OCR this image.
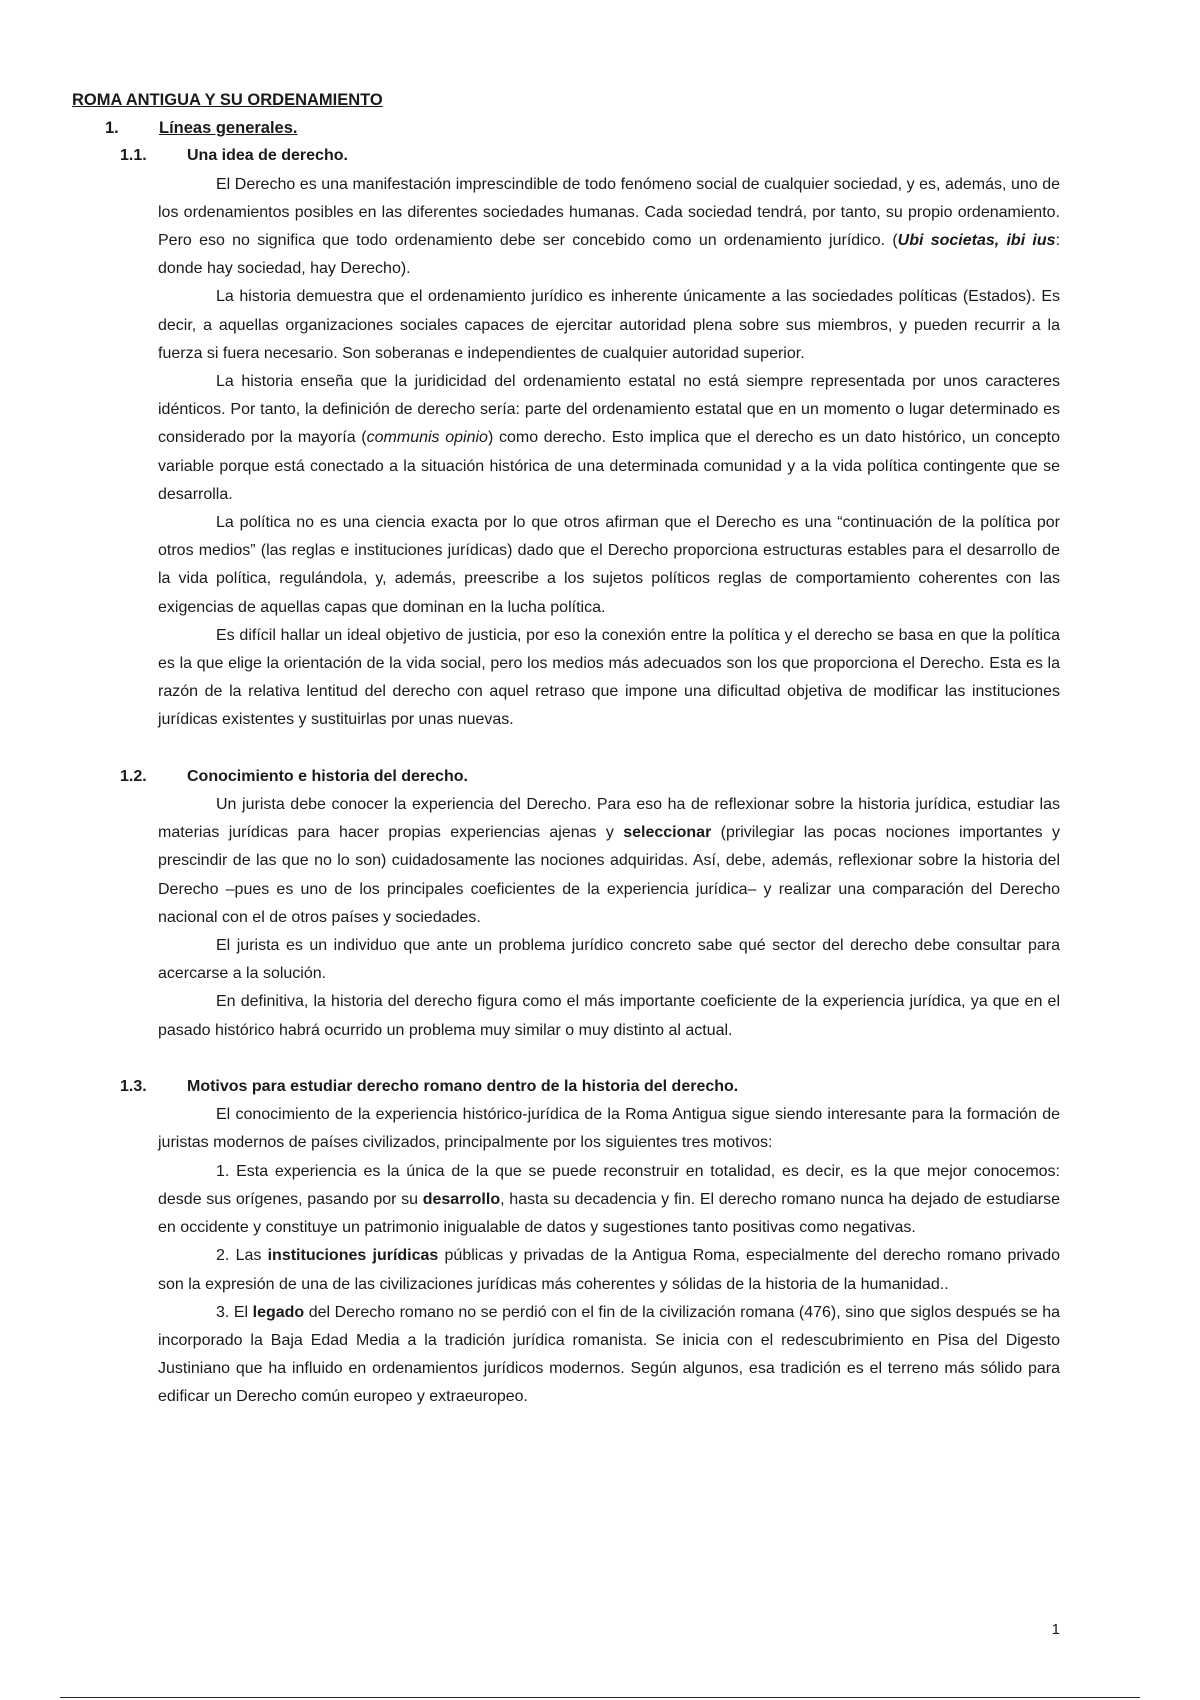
ROMA ANTIGUA Y SU ORDENAMIENTO
1.	Líneas generales.
1.1.	Una idea de derecho.

El Derecho es una manifestación imprescindible de todo fenómeno social de cualquier sociedad, y es, además, uno de los ordenamientos posibles en las diferentes sociedades humanas. Cada sociedad tendrá, por tanto, su propio ordenamiento. Pero eso no significa que todo ordenamiento debe ser concebido como un ordenamiento jurídico. (Ubi societas, ibi ius: donde hay sociedad, hay Derecho).

La historia demuestra que el ordenamiento jurídico es inherente únicamente a las sociedades políticas (Estados). Es decir, a aquellas organizaciones sociales capaces de ejercitar autoridad plena sobre sus miembros, y pueden recurrir a la fuerza si fuera necesario. Son soberanas e independientes de cualquier autoridad superior.

La historia enseña que la juridicidad del ordenamiento estatal no está siempre representada por unos caracteres idénticos. Por tanto, la definición de derecho sería: parte del ordenamiento estatal que en un momento o lugar determinado es considerado por la mayoría (communis opinio) como derecho. Esto implica que el derecho es un dato histórico, un concepto variable porque está conectado a la situación histórica de una determinada comunidad y a la vida política contingente que se desarrolla.

La política no es una ciencia exacta por lo que otros afirman que el Derecho es una “continuación de la política por otros medios” (las reglas e instituciones jurídicas) dado que el Derecho proporciona estructuras estables para el desarrollo de la vida política, regulándola, y, además, preescribe a los sujetos políticos reglas de comportamiento coherentes con las exigencias de aquellas capas que dominan en la lucha política.

Es difícil hallar un ideal objetivo de justicia, por eso la conexión entre la política y el derecho se basa en que la política es la que elige la orientación de la vida social, pero los medios más adecuados son los que proporciona el Derecho. Esta es la razón de la relativa lentitud del derecho con aquel retraso que impone una dificultad objetiva de modificar las instituciones jurídicas existentes y sustituirlas por unas nuevas.

1.2.	Conocimiento e historia del derecho.

Un jurista debe conocer la experiencia del Derecho. Para eso ha de reflexionar sobre la historia jurídica, estudiar las materias jurídicas para hacer propias experiencias ajenas y seleccionar (privilegiar las pocas nociones importantes y prescindir de las que no lo son) cuidadosamente las nociones adquiridas. Así, debe, además, reflexionar sobre la historia del Derecho –pues es uno de los principales coeficientes de la experiencia jurídica– y realizar una comparación del Derecho nacional con el de otros países y sociedades.

El jurista es un individuo que ante un problema jurídico concreto sabe qué sector del derecho debe consultar para acercarse a la solución.

En definitiva, la historia del derecho figura como el más importante coeficiente de la experiencia jurídica, ya que en el pasado histórico habrá ocurrido un problema muy similar o muy distinto al actual.

1.3.	Motivos para estudiar derecho romano dentro de la historia del derecho.

El conocimiento de la experiencia histórico-jurídica de la Roma Antigua sigue siendo interesante para la formación de juristas modernos de países civilizados, principalmente por los siguientes tres motivos:

1. Esta experiencia es la única de la que se puede reconstruir en totalidad, es decir, es la que mejor conocemos: desde sus orígenes, pasando por su desarrollo, hasta su decadencia y fin. El derecho romano nunca ha dejado de estudiarse en occidente y constituye un patrimonio inigualable de datos y sugestiones tanto positivas como negativas.

2. Las instituciones jurídicas públicas y privadas de la Antigua Roma, especialmente del derecho romano privado son la expresión de una de las civilizaciones jurídicas más coherentes y sólidas de la historia de la humanidad..

3. El legado del Derecho romano no se perdió con el fin de la civilización romana (476), sino que siglos después se ha incorporado la Baja Edad Media a la tradición jurídica romanista. Se inicia con el redescubrimiento en Pisa del Digesto Justiniano que ha influido en ordenamientos jurídicos modernos. Según algunos, esa tradición es el terreno más sólido para edificar un Derecho común europeo y extraeuropeo.

1
